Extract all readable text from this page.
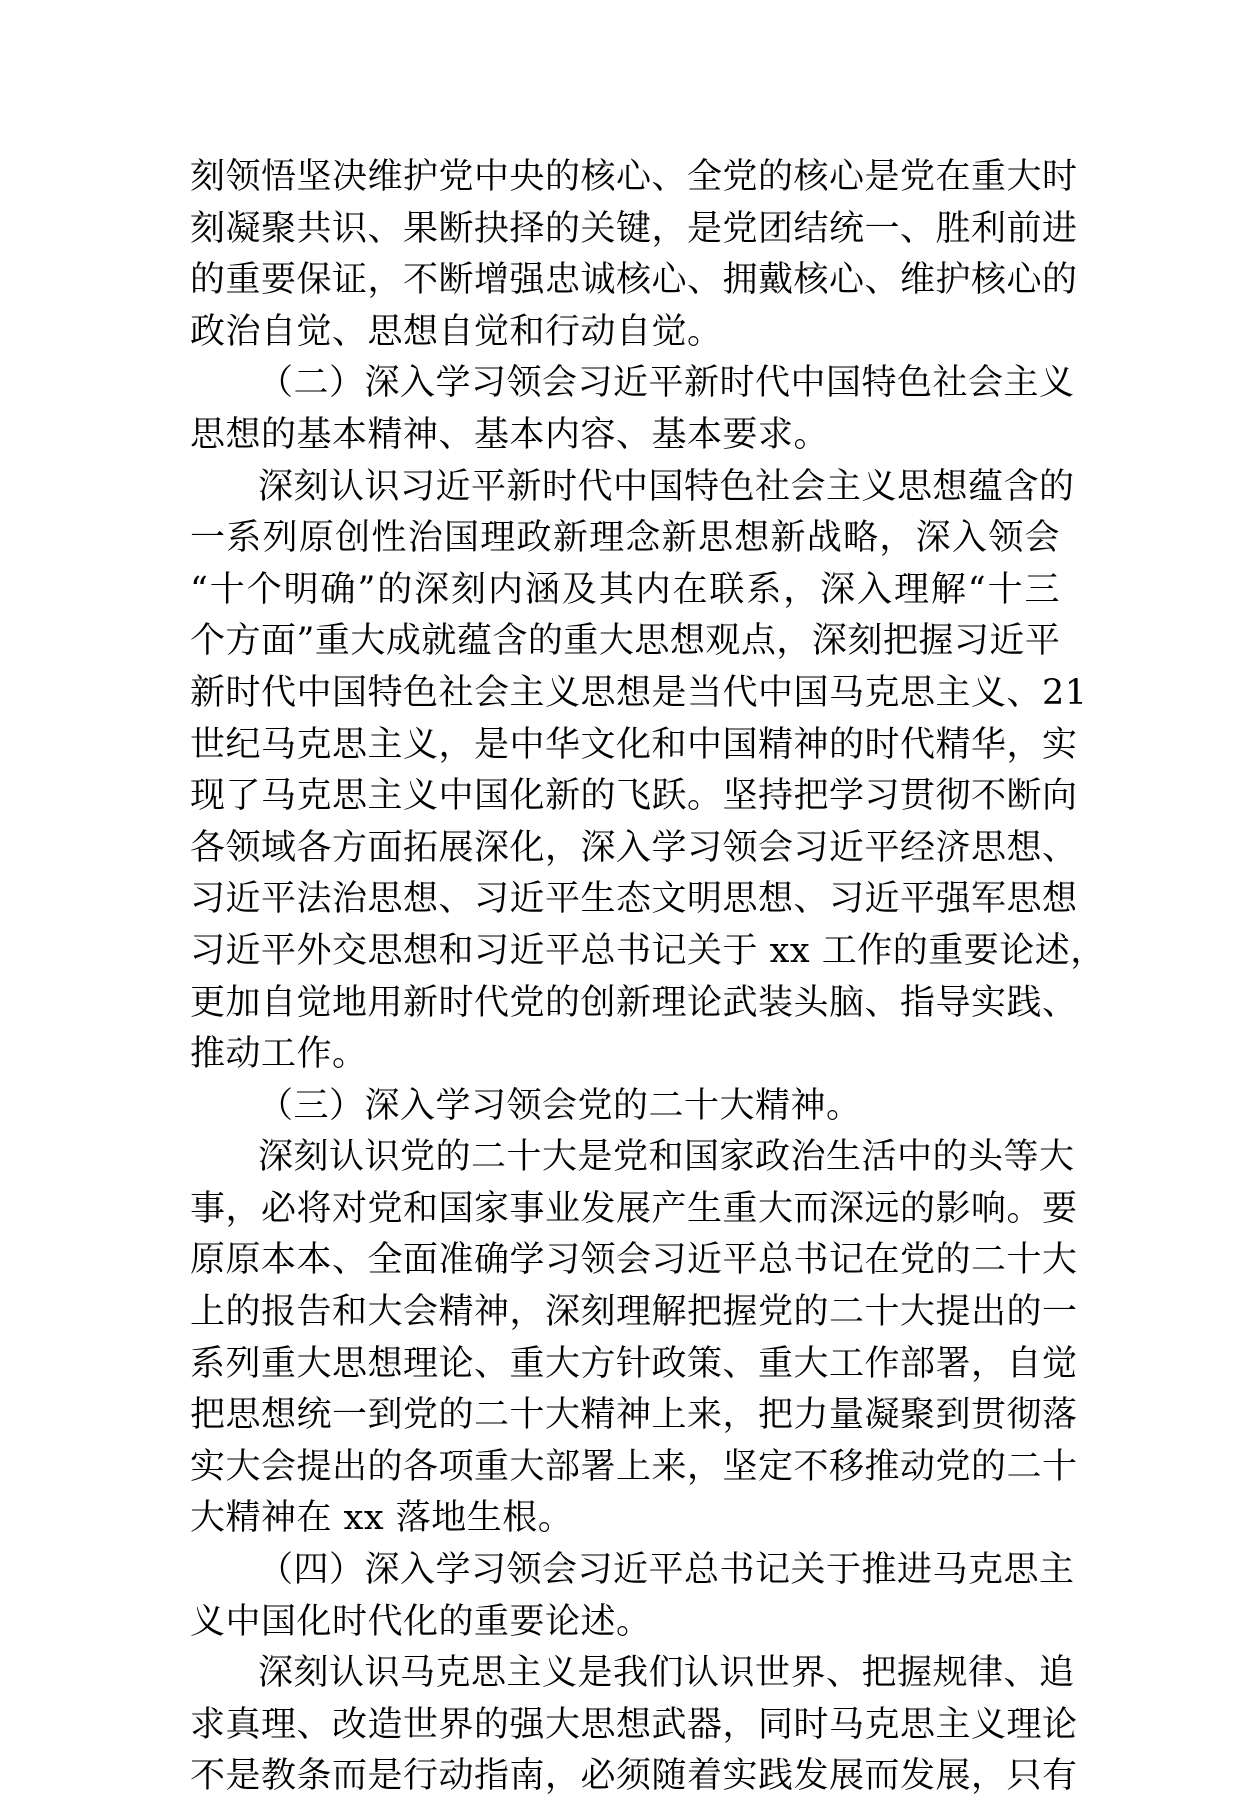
刻领悟坚决维护党中央的核心、全党的核心是党在重大时
刻凝聚共识、果断抉择的关键，是党团结统一、胜利前进
的重要保证，不断增强忠诚核心、拥戴核心、维护核心的
政治自觉、思想自觉和行动自觉。
（二）深入学习领会习近平新时代中国特色社会主义
思想的基本精神、基本内容、基本要求。
深刻认识习近平新时代中国特色社会主义思想蕴含的
一系列原创性治国理政新理念新思想新战略，深入领会
“十个明确”的深刻内涵及其内在联系，深入理解“十三
个方面”重大成就蕴含的重大思想观点，深刻把握习近平
新时代中国特色社会主义思想是当代中国马克思主义、21
世纪马克思主义，是中华文化和中国精神的时代精华，实
现了马克思主义中国化新的飞跃。坚持把学习贯彻不断向
各领域各方面拓展深化，深入学习领会习近平经济思想、
习近平法治思想、习近平生态文明思想、习近平强军思想
习近平外交思想和习近平总书记关于 xx 工作的重要论述，
更加自觉地用新时代党的创新理论武装头脑、指导实践、
推动工作。
（三）深入学习领会党的二十大精神。
深刻认识党的二十大是党和国家政治生活中的头等大
事，必将对党和国家事业发展产生重大而深远的影响。要
原原本本、全面准确学习领会习近平总书记在党的二十大
上的报告和大会精神，深刻理解把握党的二十大提出的一
系列重大思想理论、重大方针政策、重大工作部署，自觉
把思想统一到党的二十大精神上来，把力量凝聚到贯彻落
实大会提出的各项重大部署上来，坚定不移推动党的二十
大精神在 xx 落地生根。
（四）深入学习领会习近平总书记关于推进马克思主
义中国化时代化的重要论述。
深刻认识马克思主义是我们认识世界、把握规律、追
求真理、改造世界的强大思想武器，同时马克思主义理论
不是教条而是行动指南，必须随着实践发展而发展，只有
